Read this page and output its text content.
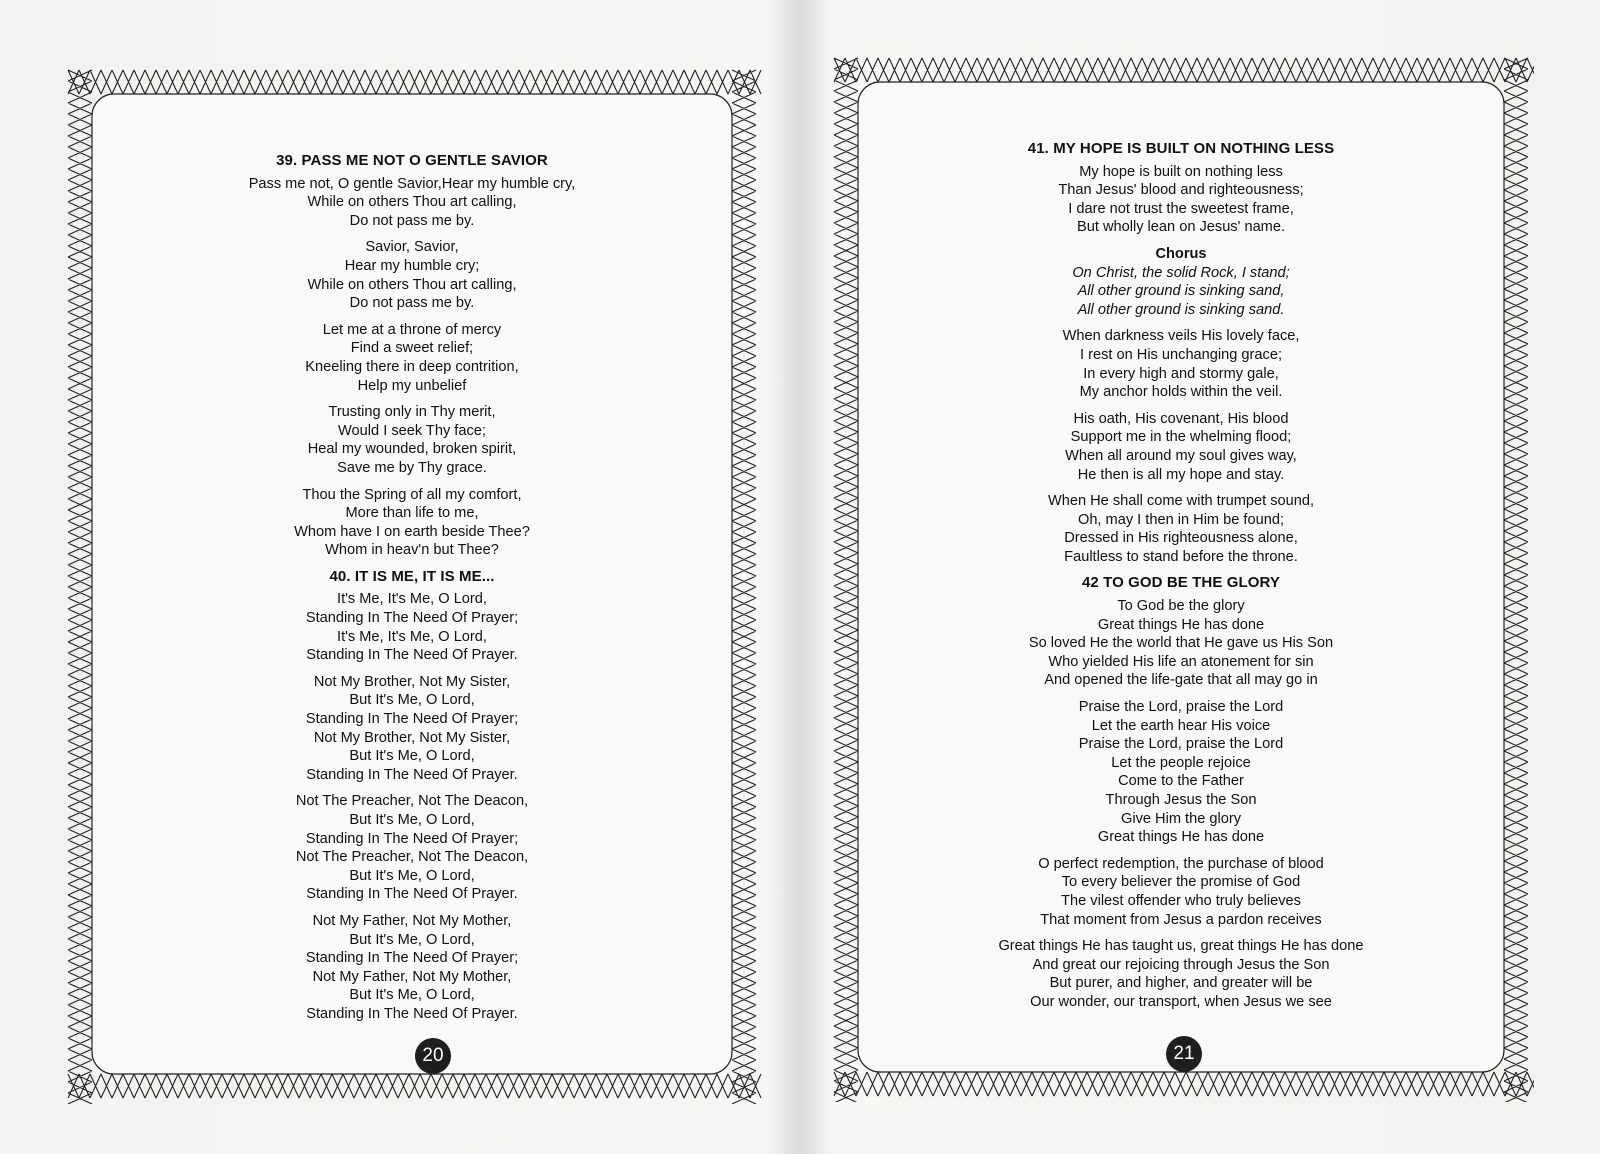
39. PASS ME NOT O GENTLE SAVIOR
Pass me not, O gentle Savior,Hear my humble cry,
While on others Thou art calling,
Do not pass me by.
Savior, Savior,
Hear my humble cry;
While on others Thou art calling,
Do not pass me by.
Let me at a throne of mercy
Find a sweet relief;
Kneeling there in deep contrition,
Help my unbelief
Trusting only in Thy merit,
Would I seek Thy face;
Heal my wounded, broken spirit,
Save me by Thy grace.
Thou the Spring of all my comfort,
More than life to me,
Whom have I on earth beside Thee?
Whom in heav'n but Thee?
40. IT IS ME, IT IS ME...
It's Me, It's Me, O Lord,
Standing In The Need Of Prayer;
It's Me, It's Me, O Lord,
Standing In The Need Of Prayer.
Not My Brother, Not My Sister,
But It's Me, O Lord,
Standing In The Need Of Prayer;
Not My Brother, Not My Sister,
But It's Me, O Lord,
Standing In The Need Of Prayer.
Not The Preacher, Not The Deacon,
But It's Me, O Lord,
Standing In The Need Of Prayer;
Not The Preacher, Not The Deacon,
But It's Me, O Lord,
Standing In The Need Of Prayer.
Not My Father, Not My Mother,
But It's Me, O Lord,
Standing In The Need Of Prayer;
Not My Father, Not My Mother,
But It's Me, O Lord,
Standing In The Need Of Prayer.
20
41. MY HOPE IS BUILT ON NOTHING LESS
My hope is built on nothing less
Than Jesus' blood and righteousness;
I dare not trust the sweetest frame,
But wholly lean on Jesus' name.
Chorus
On Christ, the solid Rock, I stand;
All other ground is sinking sand,
All other ground is sinking sand.
When darkness veils His lovely face,
I rest on His unchanging grace;
In every high and stormy gale,
My anchor holds within the veil.
His oath, His covenant, His blood
Support me in the whelming flood;
When all around my soul gives way,
He then is all my hope and stay.
When He shall come with trumpet sound,
Oh, may I then in Him be found;
Dressed in His righteousness alone,
Faultless to stand before the throne.
42 TO GOD BE THE GLORY
To God be the glory
Great things He has done
So loved He the world that He gave us His Son
Who yielded His life an atonement for sin
And opened the life-gate that all may go in
Praise the Lord, praise the Lord
Let the earth hear His voice
Praise the Lord, praise the Lord
Let the people rejoice
Come to the Father
Through Jesus the Son
Give Him the glory
Great things He has done
O perfect redemption, the purchase of blood
To every believer the promise of God
The vilest offender who truly believes
That moment from Jesus a pardon receives
Great things He has taught us, great things He has done
And great our rejoicing through Jesus the Son
But purer, and higher, and greater will be
Our wonder, our transport, when Jesus we see
21
